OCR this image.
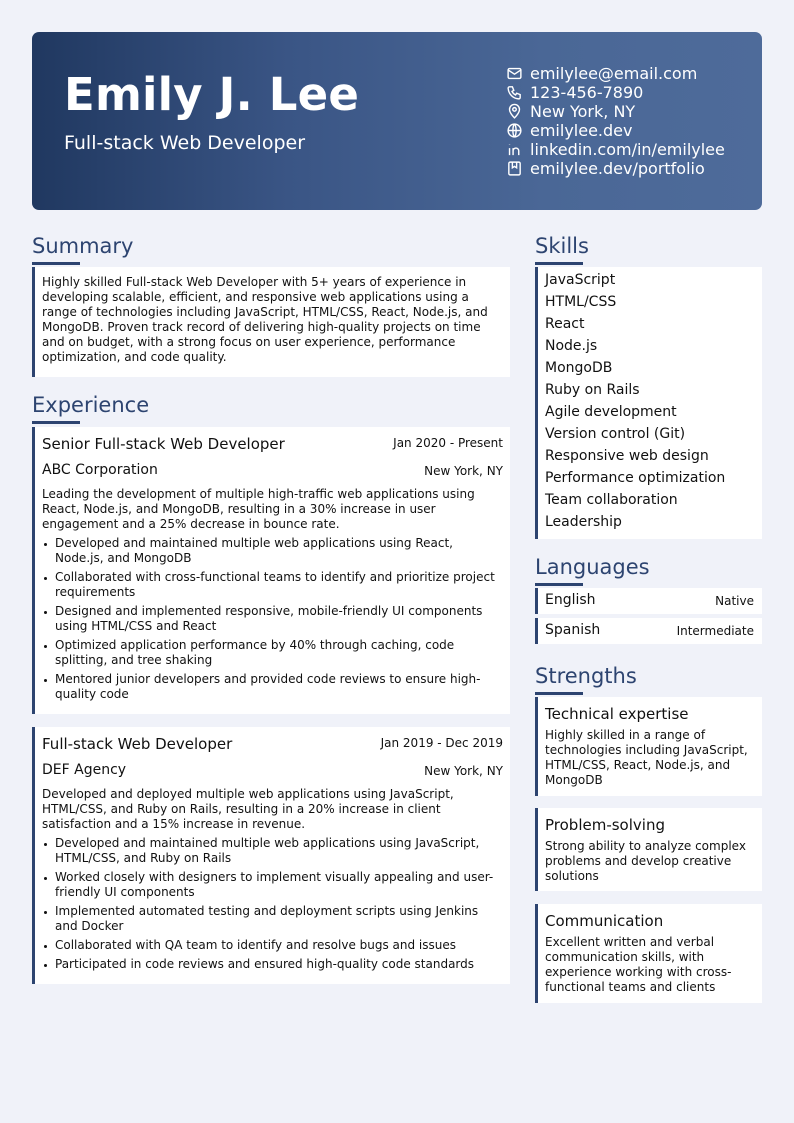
Emily J. Lee
Full-stack Web Developer
emilylee@email.com
123-456-7890
New York, NY
emilylee.dev
linkedin.com/in/emilylee
emilylee.dev/portfolio
Summary
Highly skilled Full-stack Web Developer with 5+ years of experience in developing scalable, efficient, and responsive web applications using a range of technologies including JavaScript, HTML/CSS, React, Node.js, and MongoDB. Proven track record of delivering high-quality projects on time and on budget, with a strong focus on user experience, performance optimization, and code quality.
Experience
Senior Full-stack Web Developer	Jan 2020 - Present
ABC Corporation	New York, NY
Leading the development of multiple high-traffic web applications using React, Node.js, and MongoDB, resulting in a 30% increase in user engagement and a 25% decrease in bounce rate.
Developed and maintained multiple web applications using React, Node.js, and MongoDB
Collaborated with cross-functional teams to identify and prioritize project requirements
Designed and implemented responsive, mobile-friendly UI components using HTML/CSS and React
Optimized application performance by 40% through caching, code splitting, and tree shaking
Mentored junior developers and provided code reviews to ensure high-quality code
Full-stack Web Developer	Jan 2019 - Dec 2019
DEF Agency	New York, NY
Developed and deployed multiple web applications using JavaScript, HTML/CSS, and Ruby on Rails, resulting in a 20% increase in client satisfaction and a 15% increase in revenue.
Developed and maintained multiple web applications using JavaScript, HTML/CSS, and Ruby on Rails
Worked closely with designers to implement visually appealing and user-friendly UI components
Implemented automated testing and deployment scripts using Jenkins and Docker
Collaborated with QA team to identify and resolve bugs and issues
Participated in code reviews and ensured high-quality code standards
Skills
JavaScript
HTML/CSS
React
Node.js
MongoDB
Ruby on Rails
Agile development
Version control (Git)
Responsive web design
Performance optimization
Team collaboration
Leadership
Languages
English	Native
Spanish	Intermediate
Strengths
Technical expertise
Highly skilled in a range of technologies including JavaScript, HTML/CSS, React, Node.js, and MongoDB
Problem-solving
Strong ability to analyze complex problems and develop creative solutions
Communication
Excellent written and verbal communication skills, with experience working with cross-functional teams and clients
